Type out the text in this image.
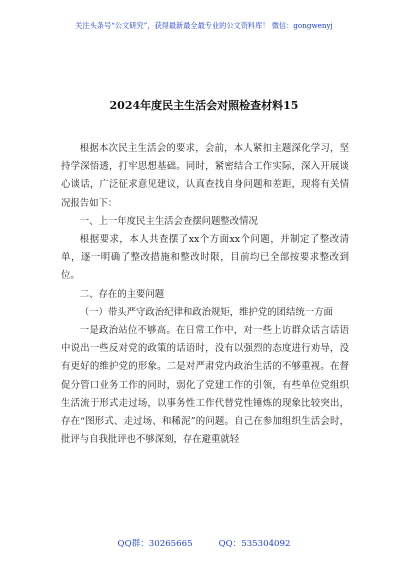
关注头条号“公文研究”，获得最新最全最专业的公文资料库！ 微信：gongwenyj
2024年度民主生活会对照检查材料15

根据本次民主生活会的要求，会前，本人紧扣主题深化学习，坚持学深悟透，打牢思想基础。同时，紧密结合工作实际，深入开展谈心谈话，广泛征求意见建议，认真查找自身问题和差距，现将有关情况报告如下：

一、上一年度民主生活会查摆问题整改情况

根据要求，本人共查摆了xx个方面xx个问题，并制定了整改清单，逐一明确了整改措施和整改时限，目前均已全部按要求整改到位。

二、存在的主要问题

（一）带头严守政治纪律和政治规矩，维护党的团结统一方面

一是政治站位不够高。在日常工作中，对一些上访群众话言话语中说出一些反对党的政策的话语时，没有以强烈的态度进行劝导，没有更好的维护党的形象。二是对严肃党内政治生活的不够重视。在督促分管口业务工作的同时，弱化了党建工作的引领，有些单位党组织生活流于形式走过场，以事务性工作代替党性锤炼的现象比较突出，存在“图形式、走过场、和稀泥”的问题。自己在参加组织生活会时，批评与自我批评也不够深刻，存在避重就轻

QQ群：30265665	QQ：535304092
